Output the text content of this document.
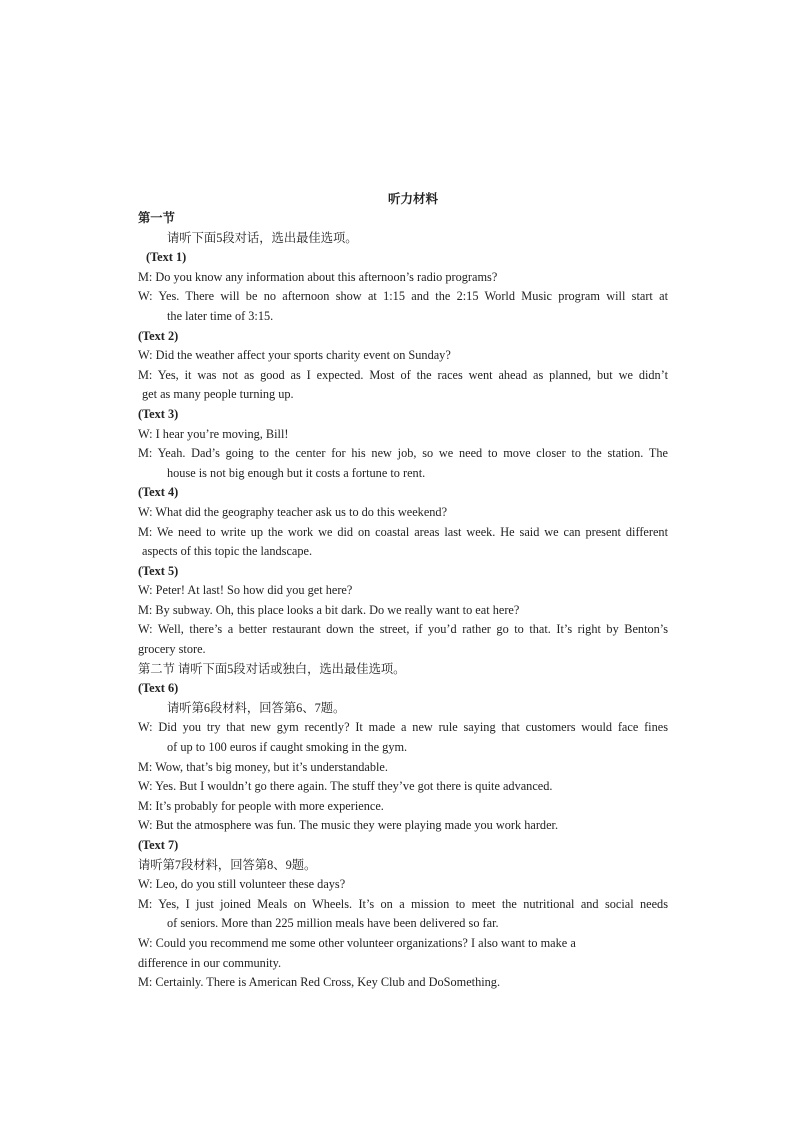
听力材料
第一节
请听下面5段对话，选出最佳选项。
(Text 1)
M: Do you know any information about this afternoon’s radio programs?
W: Yes. There will be no afternoon show at 1:15 and the 2:15 World Music program will start at
the later time of 3:15.
(Text 2)
W: Did the weather affect your sports charity event on Sunday?
M: Yes, it was not as good as I expected. Most of the races went ahead as planned, but we didn’t
get as many people turning up.
(Text 3)
W: I hear you’re moving, Bill!
M: Yeah. Dad’s going to the center for his new job, so we need to move closer to the station. The
house is not big enough but it costs a fortune to rent.
(Text 4)
W: What did the geography teacher ask us to do this weekend?
M: We need to write up the work we did on coastal areas last week. He said we can present different
aspects of this topic the landscape.
(Text 5)
W: Peter! At last! So how did you get here?
M: By subway. Oh, this place looks a bit dark. Do we really want to eat here?
W: Well, there’s a better restaurant down the street, if you’d rather go to that. It’s right by Benton’s
grocery store.
第二节 请听下面5段对话或独白，选出最佳选项。
(Text 6)
请听第6段材料，回答第6、7题。
W: Did you try that new gym recently? It made a new rule saying that customers would face fines
of up to 100 euros if caught smoking in the gym.
M: Wow, that’s big money, but it’s understandable.
W: Yes. But I wouldn’t go there again. The stuff they’ve got there is quite advanced.
M: It’s probably for people with more experience.
W: But the atmosphere was fun. The music they were playing made you work harder.
(Text 7)
请听第7段材料，回答第8、9题。
W: Leo, do you still volunteer these days?
M: Yes, I just joined Meals on Wheels. It’s on a mission to meet the nutritional and social needs
of seniors. More than 225 million meals have been delivered so far.
W: Could you recommend me some other volunteer organizations? I also want to make a
difference in our community.
M: Certainly. There is American Red Cross, Key Club and DoSomething.
